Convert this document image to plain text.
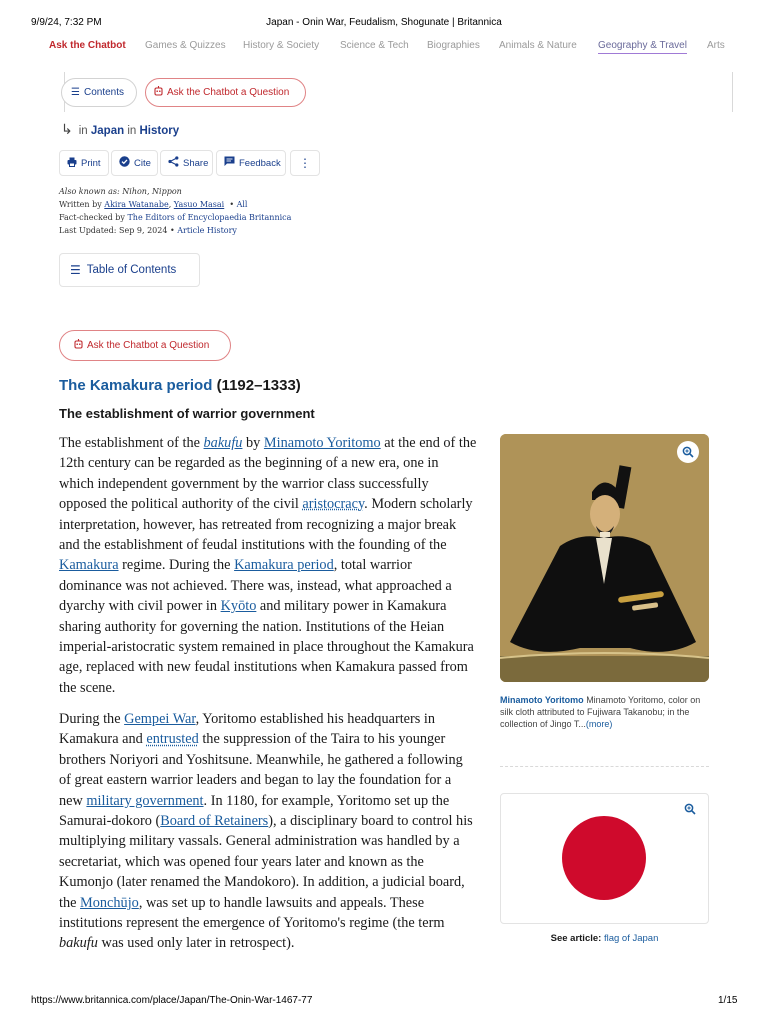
9/9/24, 7:32 PM	Japan - Onin War, Feudalism, Shogunate | Britannica
Ask the Chatbot Games & Quizzes History & Society Science & Tech Biographies Animals & Nature Geography & Travel Arts
☰ Contents	Ask the Chatbot a Question
↳ in Japan in History
Print	Cite	Share	Feedback ⋮
Also known as: Nihon, Nippon
Written by Akira Watanabe, Yasuo Masai  • All
Fact-checked by The Editors of Encyclopaedia Britannica
Last Updated: Sep 9, 2024 • Article History
☰ Table of Contents
Ask the Chatbot a Question
The Kamakura period (1192–1333)
The establishment of warrior government

The establishment of the bakufu by Minamoto Yoritomo at the end of the 12th century can be regarded as the beginning of a new era, one in which independent government by the warrior class successfully opposed the political authority of the civil aristocracy. Modern scholarly interpretation, however, has retreated from recognizing a major break and the establishment of feudal institutions with the founding of the Kamakura regime. During the Kamakura period, total warrior dominance was not achieved. There was, instead, what approached a dyarchy with civil power in Kyōto and military power in Kamakura sharing authority for governing the nation. Institutions of the Heian imperial-aristocratic system remained in place throughout the Kamakura age, replaced with new feudal institutions when Kamakura passed from the scene.

During the Gempei War, Yoritomo established his headquarters in Kamakura and entrusted the suppression of the Taira to his younger brothers Noriyori and Yoshitsune. Meanwhile, he gathered a following of great eastern warrior leaders and began to lay the foundation for a new military government. In 1180, for example, Yoritomo set up the Samurai-dokoro (Board of Retainers), a disciplinary board to control his multiplying military vassals. General administration was handled by a secretariat, which was opened four years later and known as the Kumonjo (later renamed the Mandokoro). In addition, a judicial board, the Monchūjo, was set up to handle lawsuits and appeals. These institutions represent the emergence of Yoritomo's regime (the term bakufu was used only later in retrospect).

Minamoto Yoritomo Minamoto Yoritomo, color on silk cloth attributed to Fujiwara Takanobu; in the collection of Jingo T...(more)

See article: flag of Japan
https://www.britannica.com/place/Japan/The-Onin-War-1467-77	1/15
